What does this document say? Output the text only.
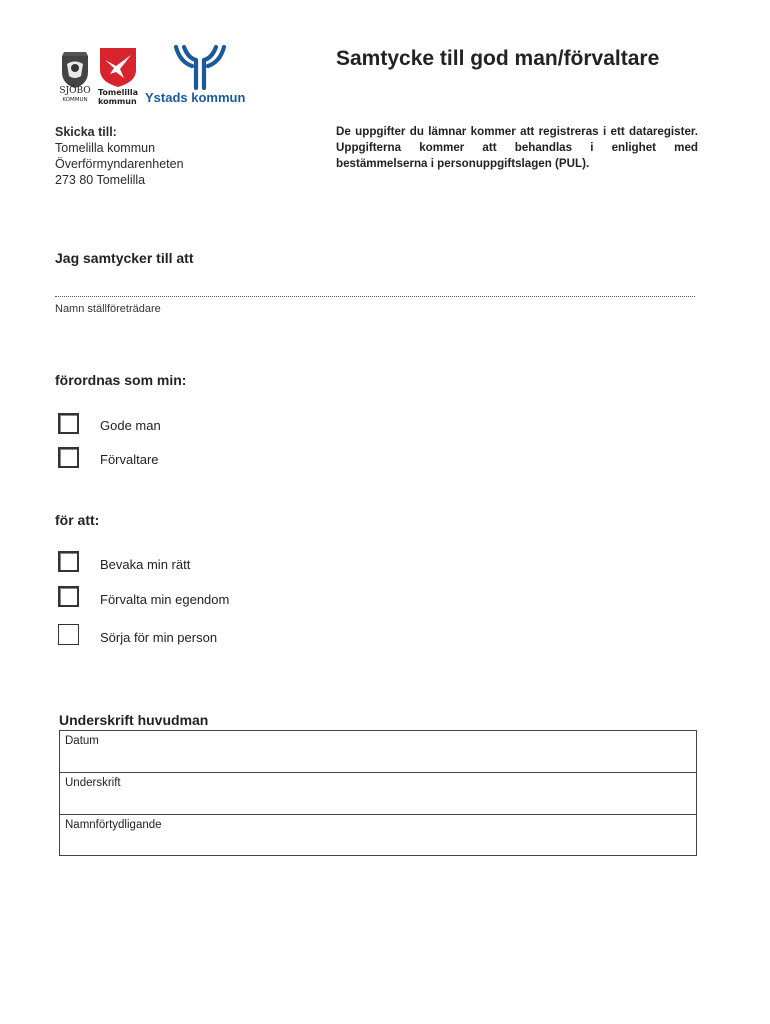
SJÖBO
KOMMUN
Tomelilla
kommun Ystads kommun
Samtycke till god man/förvaltare
Skicka till:
Tomelilla kommun
Överförmyndarenheten
273 80 Tomelilla
De uppgifter du lämnar kommer att registreras i ett dataregister. Uppgifterna kommer att behandlas i enlighet med bestämmelserna i personuppgiftslagen (PUL).
Jag samtycker till att
Namn ställföreträdare
förordnas som min:
Gode man
Förvaltare
för att:
Bevaka min rätt
Förvalta min egendom
Sörja för min person
Underskrift huvudman
Datum
Underskrift
Namnförtydligande
